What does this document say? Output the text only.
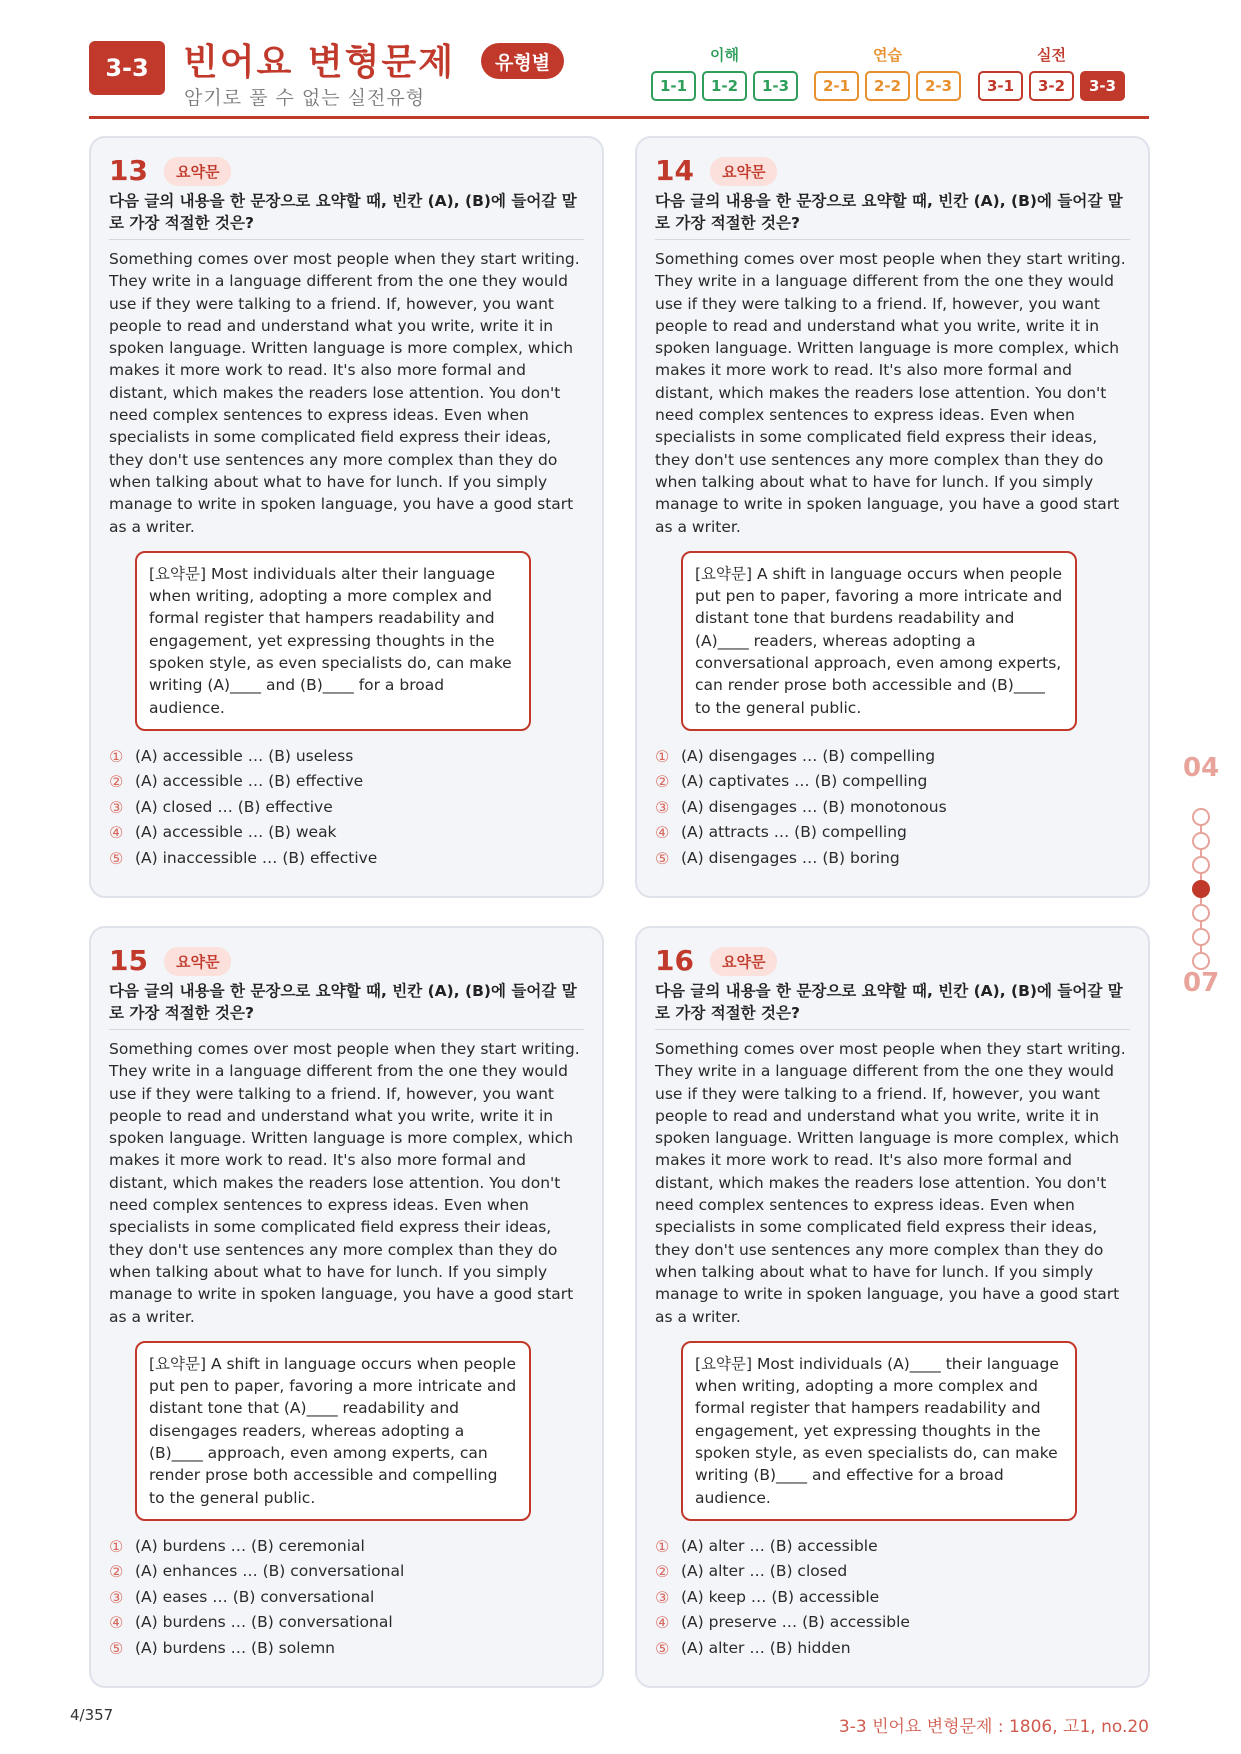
3-3 빈어요 변형문제	유형별
암기로 풀 수 없는 실전유형
이해
1-1	1-2	1-3
연습
2-1	2-2	2-3
실전
3-1	3-2	3-3
13	요약문
다음 글의 내용을 한 문장으로 요약할 때, 빈칸 (A), (B)에 들어갈 말로 가장 적절한 것은?
Something comes over most people when they start writing. They write in a language different from the one they would use if they were talking to a friend. If, however, you want people to read and understand what you write, write it in spoken language. Written language is more complex, which makes it more work to read. It's also more formal and distant, which makes the readers lose attention. You don't need complex sentences to express ideas. Even when specialists in some complicated field express their ideas, they don't use sentences any more complex than they do when talking about what to have for lunch. If you simply manage to write in spoken language, you have a good start as a writer.
[요약문] Most individuals alter their language when writing, adopting a more complex and formal register that hampers readability and engagement, yet expressing thoughts in the spoken style, as even specialists do, can make writing (A)____ and (B)____ for a broad audience.
① (A) accessible … (B) useless
② (A) accessible … (B) effective
③ (A) closed … (B) effective
④ (A) accessible … (B) weak
⑤ (A) inaccessible … (B) effective
14	요약문
다음 글의 내용을 한 문장으로 요약할 때, 빈칸 (A), (B)에 들어갈 말로 가장 적절한 것은?
Something comes over most people when they start writing. They write in a language different from the one they would use if they were talking to a friend. If, however, you want people to read and understand what you write, write it in spoken language. Written language is more complex, which makes it more work to read. It's also more formal and distant, which makes the readers lose attention. You don't need complex sentences to express ideas. Even when specialists in some complicated field express their ideas, they don't use sentences any more complex than they do when talking about what to have for lunch. If you simply manage to write in spoken language, you have a good start as a writer.
[요약문] A shift in language occurs when people put pen to paper, favoring a more intricate and distant tone that burdens readability and (A)____ readers, whereas adopting a conversational approach, even among experts, can render prose both accessible and (B)____ to the general public.
① (A) disengages … (B) compelling
② (A) captivates … (B) compelling
③ (A) disengages … (B) monotonous
④ (A) attracts … (B) compelling
⑤ (A) disengages … (B) boring
15	요약문
다음 글의 내용을 한 문장으로 요약할 때, 빈칸 (A), (B)에 들어갈 말로 가장 적절한 것은?
Something comes over most people when they start writing. They write in a language different from the one they would use if they were talking to a friend. If, however, you want people to read and understand what you write, write it in spoken language. Written language is more complex, which makes it more work to read. It's also more formal and distant, which makes the readers lose attention. You don't need complex sentences to express ideas. Even when specialists in some complicated field express their ideas, they don't use sentences any more complex than they do when talking about what to have for lunch. If you simply manage to write in spoken language, you have a good start as a writer.
[요약문] A shift in language occurs when people put pen to paper, favoring a more intricate and distant tone that (A)____ readability and disengages readers, whereas adopting a (B)____ approach, even among experts, can render prose both accessible and compelling to the general public.
① (A) burdens … (B) ceremonial
② (A) enhances … (B) conversational
③ (A) eases … (B) conversational
④ (A) burdens … (B) conversational
⑤ (A) burdens … (B) solemn
16	요약문
다음 글의 내용을 한 문장으로 요약할 때, 빈칸 (A), (B)에 들어갈 말로 가장 적절한 것은?
Something comes over most people when they start writing. They write in a language different from the one they would use if they were talking to a friend. If, however, you want people to read and understand what you write, write it in spoken language. Written language is more complex, which makes it more work to read. It's also more formal and distant, which makes the readers lose attention. You don't need complex sentences to express ideas. Even when specialists in some complicated field express their ideas, they don't use sentences any more complex than they do when talking about what to have for lunch. If you simply manage to write in spoken language, you have a good start as a writer.
[요약문] Most individuals (A)____ their language when writing, adopting a more complex and formal register that hampers readability and engagement, yet expressing thoughts in the spoken style, as even specialists do, can make writing (B)____ and effective for a broad audience.
① (A) alter … (B) accessible
② (A) alter … (B) closed
③ (A) keep … (B) accessible
④ (A) preserve … (B) accessible
⑤ (A) alter … (B) hidden
04
07
4/357
3-3 빈어요 변형문제 : 1806, 고1, no.20
